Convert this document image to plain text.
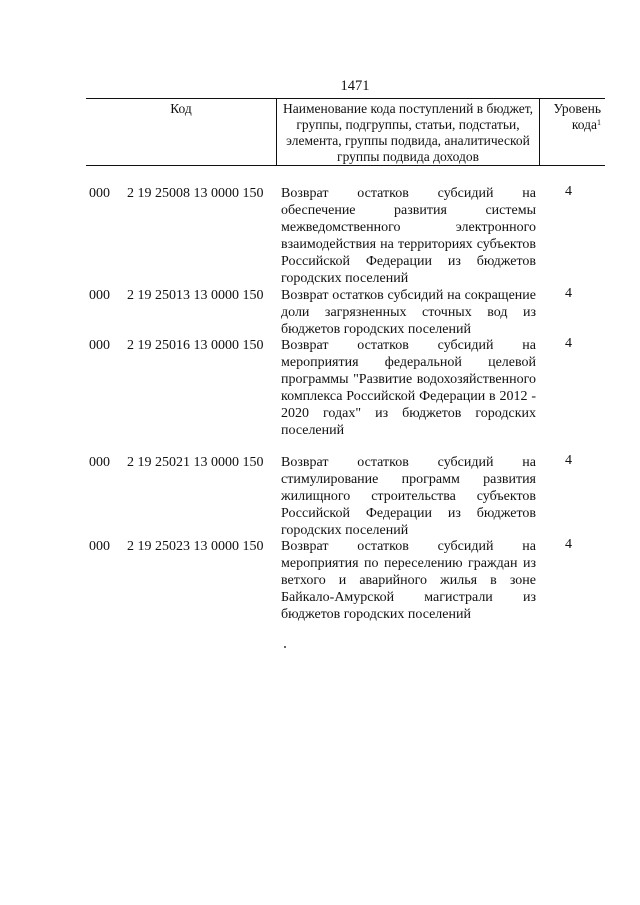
1471
Код	Наименование кода поступлений в бюджет, группы, подгруппы, статьи, подстатьи, элемента, группы подвида, аналитической группы подвида доходов
Уровень кода$^1$
000 2 19 25008 13 0000 150 Возврат остатков субсидий на обеспечение развития системы межведомственного электронного взаимодействия на территориях субъектов Российской Федерации из бюджетов городских поселений
4
000 2 19 25013 13 0000 150 Возврат остатков субсидий на сокращение доли загрязненных сточных вод из бюджетов городских поселений
4
000 2 19 25016 13 0000 150 Возврат остатков субсидий на мероприятия федеральной целевой программы "Развитие водохозяйственного комплекса Российской Федерации в 2012 - 2020 годах" из бюджетов городских поселений
4
000 2 19 25021 13 0000 150 Возврат остатков субсидий на стимулирование программ развития жилищного строительства субъектов Российской Федерации из бюджетов городских поселений
4
000 2 19 25023 13 0000 150 Возврат остатков субсидий на мероприятия по переселению граждан из ветхого и аварийного жилья в зоне Байкало-Амурской магистрали из бюджетов городских поселений
4
